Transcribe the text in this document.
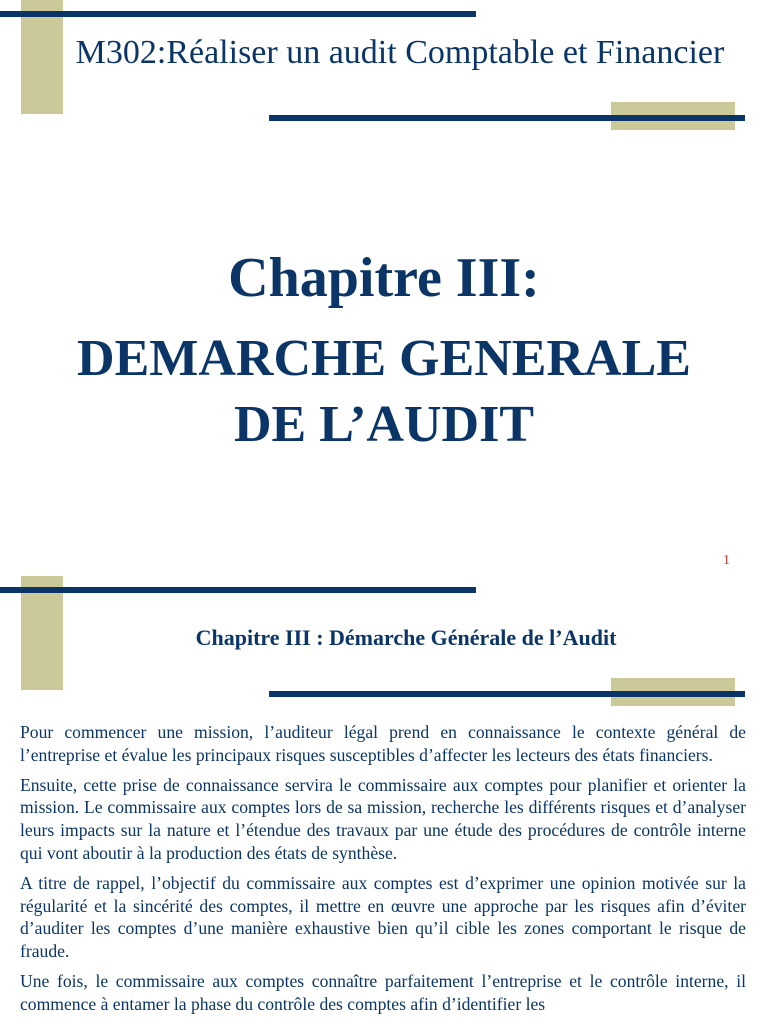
M302:Réaliser un audit Comptable et Financier
Chapitre III:
DEMARCHE GENERALE
DE L’AUDIT
1
Chapitre III : Démarche Générale de l’Audit

Pour commencer une mission, l’auditeur légal prend en connaissance le contexte général de l’entreprise et évalue les principaux risques susceptibles d’affecter les lecteurs des états financiers.

Ensuite, cette prise de connaissance servira le commissaire aux comptes pour planifier et orienter la mission. Le commissaire aux comptes lors de sa mission, recherche les différents risques et d’analyser leurs impacts sur la nature et l’étendue des travaux par une étude des procédures de contrôle interne qui vont aboutir à la production des états de synthèse.

A titre de rappel, l’objectif du commissaire aux comptes est d’exprimer une opinion motivée sur la régularité et la sincérité des comptes, il mettre en œuvre une approche par les risques afin d’éviter d’auditer les comptes d’une manière exhaustive bien qu’il cible les zones comportant le risque de fraude.

Une fois, le commissaire aux comptes connaître parfaitement l’entreprise et le contrôle interne, il commence à entamer la phase du contrôle des comptes afin d’identifier les
